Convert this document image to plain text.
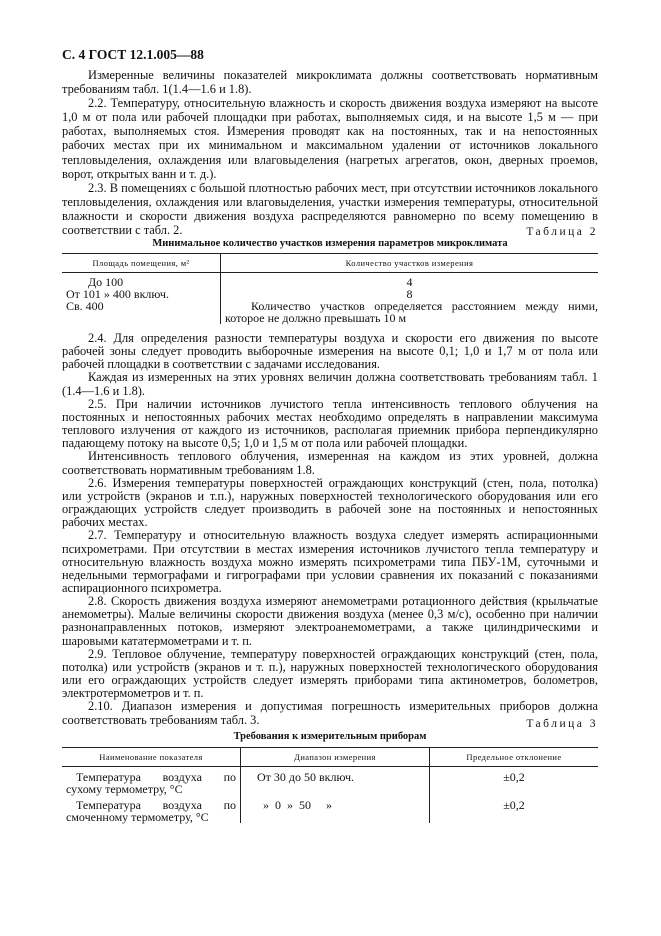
С. 4 ГОСТ 12.1.005—88

Измеренные величины показателей микроклимата должны соответствовать нормативным требованиям табл. 1(1.4—1.6 и 1.8).

2.2. Температуру, относительную влажность и скорость движения воздуха измеряют на высоте 1,0 м от пола или рабочей площадки при работах, выполняемых сидя, и на высоте 1,5 м — при работах, выполняемых стоя. Измерения проводят как на постоянных, так и на непостоянных рабочих местах при их минимальном и максимальном удалении от источников локального тепловыделения, охлаждения или влаговыделения (нагретых агрегатов, окон, дверных проемов, ворот, открытых ванн и т. д.).

2.3. В помещениях с большой плотностью рабочих мест, при отсутствии источников локального тепловыделения, охлаждения или влаговыделения, участки измерения температуры, относительной влажности и скорости движения воздуха распределяются равномерно по всему помещению в соответствии с табл. 2.	Таблица 2
Минимальное количество участков измерения параметров микроклимата
Площадь помещения, м²	Количество участков измерения
До 100	4
От 101 » 400 включ.	8
Св. 400	Количество участков определяется расстоянием между ними, которое не должно превышать 10 м

2.4. Для определения разности температуры воздуха и скорости его движения по высоте рабочей зоны следует проводить выборочные измерения на высоте 0,1; 1,0 и 1,7 м от пола или рабочей площадки в соответствии с задачами исследования.

Каждая из измеренных на этих уровнях величин должна соответствовать требованиям табл. 1 (1.4—1.6 и 1.8).

2.5. При наличии источников лучистого тепла интенсивность теплового облучения на постоянных и непостоянных рабочих местах необходимо определять в направлении максимума теплового излучения от каждого из источников, располагая приемник прибора перпендикулярно падающему потоку на высоте 0,5; 1,0 и 1,5 м от пола или рабочей площадки.

Интенсивность теплового облучения, измеренная на каждом из этих уровней, должна соответствовать нормативным требованиям 1.8.

2.6. Измерения температуры поверхностей ограждающих конструкций (стен, пола, потолка) или устройств (экранов и т.п.), наружных поверхностей технологического оборудования или его ограждающих устройств следует производить в рабочей зоне на постоянных и непостоянных рабочих местах.

2.7. Температуру и относительную влажность воздуха следует измерять аспирационными психрометрами. При отсутствии в местах измерения источников лучистого тепла температуру и относительную влажность воздуха можно измерять психрометрами типа ПБУ-1М, суточными и недельными термографами и гигрографами при условии сравнения их показаний с показаниями аспирационного психрометра.

2.8. Скорость движения воздуха измеряют анемометрами ротационного действия (крыльчатые анемометры). Малые величины скорости движения воздуха (менее 0,3 м/с), особенно при наличии разнонаправленных потоков, измеряют электроанемометрами, а также цилиндрическими и шаровыми кататермометрами и т. п.

2.9. Тепловое облучение, температуру поверхностей ограждающих конструкций (стен, пола, потолка) или устройств (экранов и т. п.), наружных поверхностей технологического оборудования или его ограждающих устройств следует измерять приборами типа актинометров, болометров, электротермометров и т. п.

2.10. Диапазон измерения и допустимая погрешность измерительных приборов должна соответствовать требованиям табл. 3.	Таблица 3
Требования к измерительным приборам
Наименование показателя	Диапазон измерения	Предельное отклонение
Температура воздуха по сухому термометру, °С	От 30 до 50 включ.	±0,2
Температура воздуха по смоченному термометру, °С	»  0  »  50     »	±0,2
